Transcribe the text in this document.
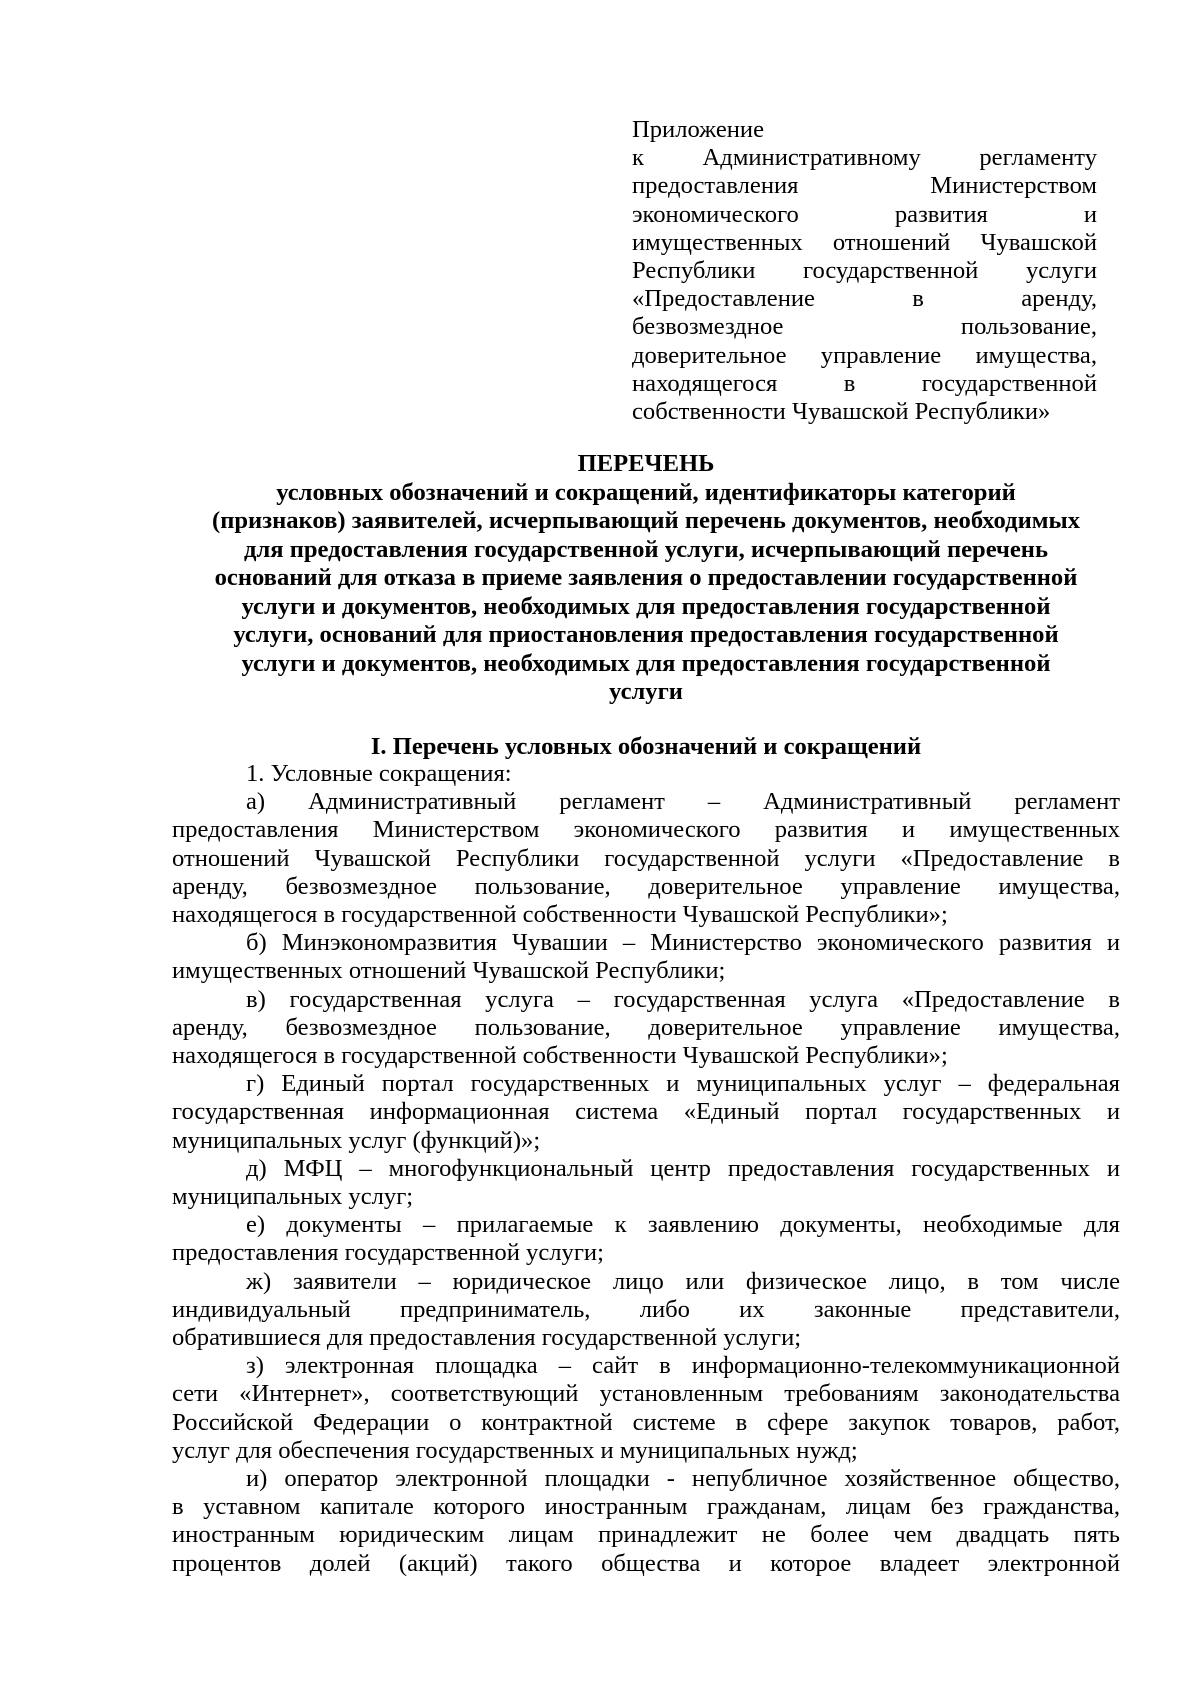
Приложение
к Административному регламенту
предоставления Министерством
экономического развития и
имущественных отношений Чувашской
Республики государственной услуги
«Предоставление в аренду,
безвозмездное пользование,
доверительное управление имущества,
находящегося в государственной
собственности Чувашской Республики»
ПЕРЕЧЕНЬ
условных обозначений и сокращений, идентификаторы категорий
(признаков) заявителей, исчерпывающий перечень документов, необходимых
для предоставления государственной услуги, исчерпывающий перечень
оснований для отказа в приеме заявления о предоставлении государственной
услуги и документов, необходимых для предоставления государственной
услуги, оснований для приостановления предоставления государственной
услуги и документов, необходимых для предоставления государственной
услуги
I. Перечень условных обозначений и сокращений
1. Условные сокращения:
а) Административный регламент – Административный регламент
предоставления Министерством экономического развития и имущественных
отношений Чувашской Республики государственной услуги «Предоставление в
аренду, безвозмездное пользование, доверительное управление имущества,
находящегося в государственной собственности Чувашской Республики»;
б) Минэкономразвития Чувашии – Министерство экономического развития и
имущественных отношений Чувашской Республики;
в) государственная услуга – государственная услуга «Предоставление в
аренду, безвозмездное пользование, доверительное управление имущества,
находящегося в государственной собственности Чувашской Республики»;
г) Единый портал государственных и муниципальных услуг – федеральная
государственная информационная система «Единый портал государственных и
муниципальных услуг (функций)»;
д) МФЦ – многофункциональный центр предоставления государственных и
муниципальных услуг;
е) документы – прилагаемые к заявлению документы, необходимые для
предоставления государственной услуги;
ж) заявители – юридическое лицо или физическое лицо, в том числе
индивидуальный предприниматель, либо их законные представители,
обратившиеся для предоставления государственной услуги;
з) электронная площадка – сайт в информационно-телекоммуникационной
сети «Интернет», соответствующий установленным требованиям законодательства
Российской Федерации о контрактной системе в сфере закупок товаров, работ,
услуг для обеспечения государственных и муниципальных нужд;
и) оператор электронной площадки - непубличное хозяйственное общество,
в уставном капитале которого иностранным гражданам, лицам без гражданства,
иностранным юридическим лицам принадлежит не более чем двадцать пять
процентов долей (акций) такого общества и которое владеет электронной
